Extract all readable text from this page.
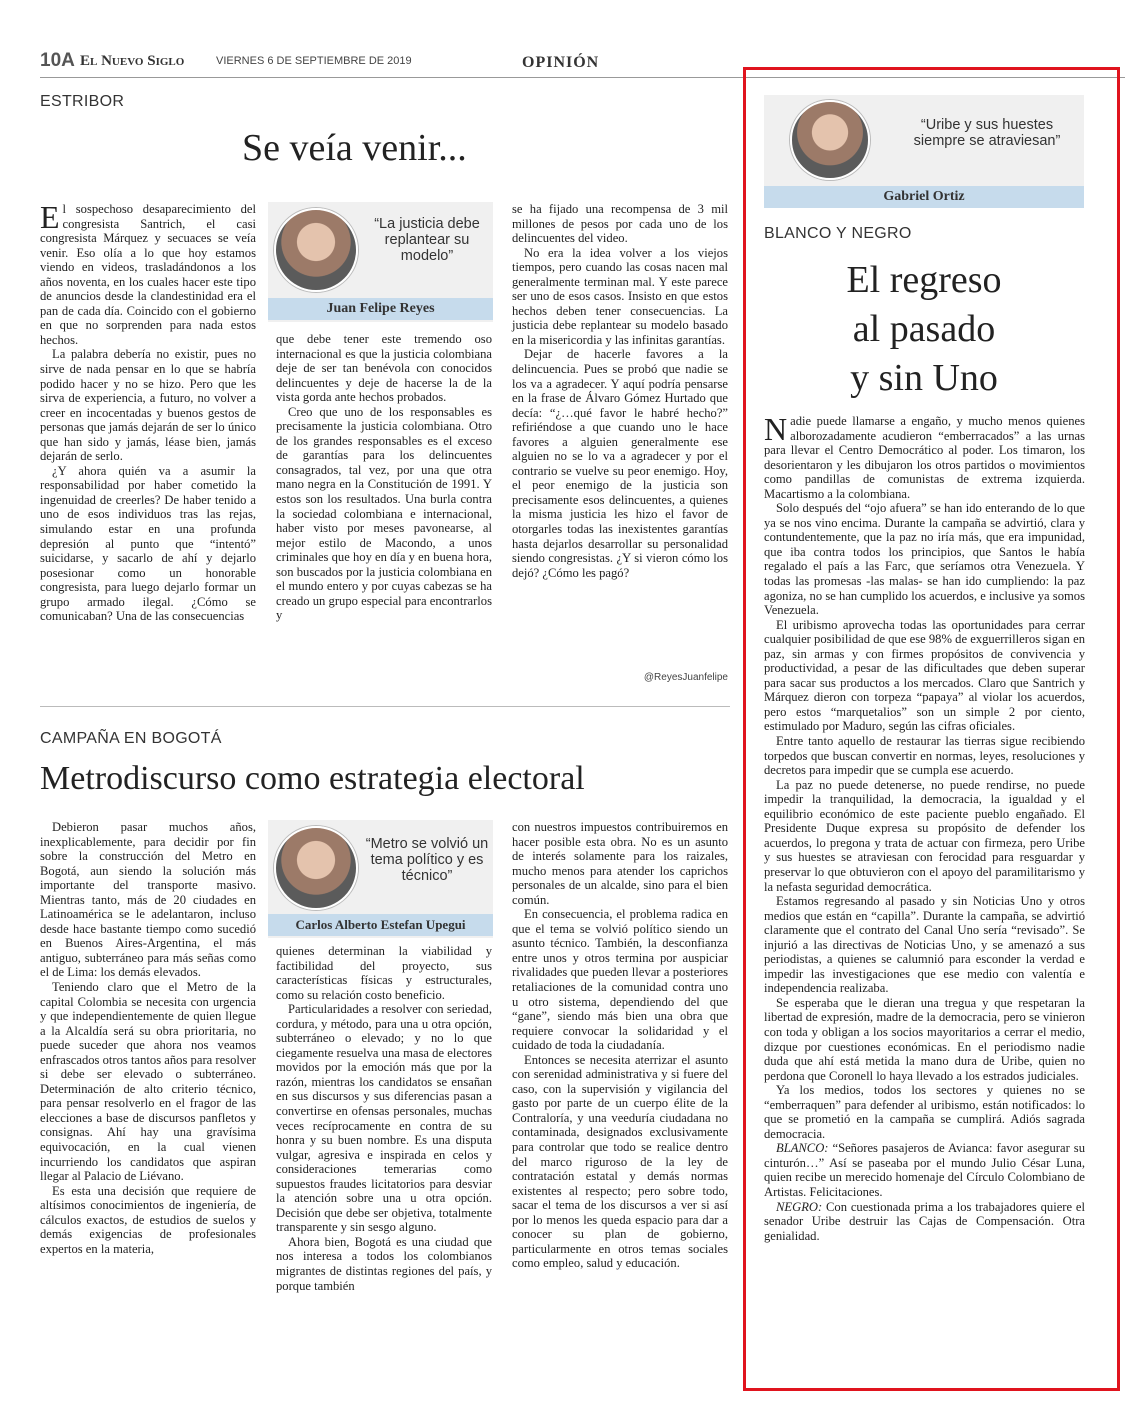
10A El Nuevo Siglo	VIERNES 6 DE SEPTIEMBRE DE 2019	OPINIÓN
ESTRIBOR
Se veía venir...

El sospechoso desaparecimiento del congresista Santrich, el casi congresista Márquez y secuaces se veía venir. Eso olía a lo que hoy estamos viendo en videos, trasladándonos a los años noventa, en los cuales hacer este tipo de anuncios desde la clandestinidad era el pan de cada día. Coincido con el gobierno en que no sorprenden para nada estos hechos.

La palabra debería no existir, pues no sirve de nada pensar en lo que se habría podido hacer y no se hizo. Pero que les sirva de experiencia, a futuro, no volver a creer en incocentadas y buenos gestos de personas que jamás dejarán de ser lo único que han sido y jamás, léase bien, jamás dejarán de serlo.

¿Y ahora quién va a asumir la responsabilidad por haber cometido la ingenuidad de creerles? De haber tenido a uno de esos individuos tras las rejas, simulando estar en una profunda depresión al punto que “intentó” suicidarse, y sacarlo de ahí y dejarlo posesionar como un honorable congresista, para luego dejarlo formar un grupo armado ilegal. ¿Cómo se comunicaban? Una de las consecuencias

“La justicia debe replantear su modelo”
Juan Felipe Reyes

que debe tener este tremendo oso internacional es que la justicia colombiana deje de ser tan benévola con conocidos delincuentes y deje de hacerse la de la vista gorda ante hechos probados.

Creo que uno de los responsables es precisamente la justicia colombiana. Otro de los grandes responsables es el exceso de garantías para los delincuentes consagrados, tal vez, por una que otra mano negra en la Constitución de 1991. Y estos son los resultados. Una burla contra la sociedad colombiana e internacional, haber visto por meses pavonearse, al mejor estilo de Macondo, a unos criminales que hoy en día y en buena hora, son buscados por la justicia colombiana en el mundo entero y por cuyas cabezas se ha creado un grupo especial para encontrarlos y

se ha fijado una recompensa de 3 mil millones de pesos por cada uno de los delincuentes del video.

No era la idea volver a los viejos tiempos, pero cuando las cosas nacen mal generalmente terminan mal. Y este parece ser uno de esos casos. Insisto en que estos hechos deben tener consecuencias. La justicia debe replantear su modelo basado en la misericordia y las infinitas garantías.

Dejar de hacerle favores a la delincuencia. Pues se probó que nadie se los va a agradecer. Y aquí podría pensarse en la frase de Álvaro Gómez Hurtado que decía: “¿…qué favor le habré hecho?” refiriéndose a que cuando uno le hace favores a alguien generalmente ese alguien no se lo va a agradecer y por el contrario se vuelve su peor enemigo. Hoy, el peor enemigo de la justicia son precisamente esos delincuentes, a quienes la misma justicia les hizo el favor de otorgarles todas las inexistentes garantías hasta dejarlos desarrollar su personalidad siendo congresistas. ¿Y si vieron cómo los dejó? ¿Cómo les pagó?

@ReyesJuanfelipe
CAMPAÑA EN BOGOTÁ
Metrodiscurso como estrategia electoral

Debieron pasar muchos años, inexplicablemente, para decidir por fin sobre la construcción del Metro en Bogotá, aun siendo la solución más importante del transporte masivo. Mientras tanto, más de 20 ciudades en Latinoamérica se le adelantaron, incluso desde hace bastante tiempo como sucedió en Buenos Aires-Argentina, el más antiguo, subterráneo para más señas como el de Lima: los demás elevados.

Teniendo claro que el Metro de la capital Colombia se necesita con urgencia y que independientemente de quien llegue a la Alcaldía será su obra prioritaria, no puede suceder que ahora nos veamos enfrascados otros tantos años para resolver si debe ser elevado o subterráneo. Determinación de alto criterio técnico, para pensar resolverlo en el fragor de las elecciones a base de discursos panfletos y consignas. Ahí hay una gravísima equivocación, en la cual vienen incurriendo los candidatos que aspiran llegar al Palacio de Liévano.

Es esta una decisión que requiere de altísimos conocimientos de ingeniería, de cálculos exactos, de estudios de suelos y demás exigencias de profesionales expertos en la materia,

“Metro se volvió un tema político y es técnico”
Carlos Alberto Estefan Upegui

quienes determinan la viabilidad y factibilidad del proyecto, sus características físicas y estructurales, como su relación costo beneficio.

Particularidades a resolver con seriedad, cordura, y método, para una u otra opción, subterráneo o elevado; y no lo que ciegamente resuelva una masa de electores movidos por la emoción más que por la razón, mientras los candidatos se ensañan en sus discursos y sus diferencias pasan a convertirse en ofensas personales, muchas veces recíprocamente en contra de su honra y su buen nombre. Es una disputa vulgar, agresiva e inspirada en celos y consideraciones temerarias como supuestos fraudes licitatorios para desviar la atención sobre una u otra opción. Decisión que debe ser objetiva, totalmente transparente y sin sesgo alguno.

Ahora bien, Bogotá es una ciudad que nos interesa a todos los colombianos migrantes de distintas regiones del país, y porque también

con nuestros impuestos contribuiremos en hacer posible esta obra. No es un asunto de interés solamente para los raizales, mucho menos para atender los caprichos personales de un alcalde, sino para el bien común.

En consecuencia, el problema radica en que el tema se volvió político siendo un asunto técnico. También, la desconfianza entre unos y otros termina por auspiciar rivalidades que pueden llevar a posteriores retaliaciones de la comunidad contra uno u otro sistema, dependiendo del que “gane”, siendo más bien una obra que requiere convocar la solidaridad y el cuidado de toda la ciudadanía.

Entonces se necesita aterrizar el asunto con serenidad administrativa y si fuere del caso, con la supervisión y vigilancia del gasto por parte de un cuerpo élite de la Contraloría, y una veeduría ciudadana no contaminada, designados exclusivamente para controlar que todo se realice dentro del marco riguroso de la ley de contratación estatal y demás normas existentes al respecto; pero sobre todo, sacar el tema de los discursos a ver si así por lo menos les queda espacio para dar a conocer su plan de gobierno, particularmente en otros temas sociales como empleo, salud y educación.

“Uribe y sus huestes siempre se atraviesan”
Gabriel Ortiz
BLANCO Y NEGRO
El regreso
al pasado
y sin Uno

Nadie puede llamarse a engaño, y mucho menos quienes alborozadamente acudieron “emberracados” a las urnas para llevar el Centro Democrático al poder. Los timaron, los desorientaron y les dibujaron los otros partidos o movimientos como pandillas de comunistas de extrema izquierda. Macartismo a la colombiana.

Solo después del “ojo afuera” se han ido enterando de lo que ya se nos vino encima. Durante la campaña se advirtió, clara y contundentemente, que la paz no iría más, que era impunidad, que iba contra todos los principios, que Santos le había regalado el país a las Farc, que seríamos otra Venezuela. Y todas las promesas -las malas- se han ido cumpliendo: la paz agoniza, no se han cumplido los acuerdos, e inclusive ya somos Venezuela.

El uribismo aprovecha todas las oportunidades para cerrar cualquier posibilidad de que ese 98% de exguerrilleros sigan en paz, sin armas y con firmes propósitos de convivencia y productividad, a pesar de las dificultades que deben superar para sacar sus productos a los mercados. Claro que Santrich y Márquez dieron con torpeza “papaya” al violar los acuerdos, pero estos “marquetalios” son un simple 2 por ciento, estimulado por Maduro, según las cifras oficiales.

Entre tanto aquello de restaurar las tierras sigue recibiendo torpedos que buscan convertir en normas, leyes, resoluciones y decretos para impedir que se cumpla ese acuerdo.

La paz no puede detenerse, no puede rendirse, no puede impedir la tranquilidad, la democracia, la igualdad y el equilibrio económico de este paciente pueblo engañado. El Presidente Duque expresa su propósito de defender los acuerdos, lo pregona y trata de actuar con firmeza, pero Uribe y sus huestes se atraviesan con ferocidad para resguardar y preservar lo que obtuvieron con el apoyo del paramilitarismo y la nefasta seguridad democrática.

Estamos regresando al pasado y sin Noticias Uno y otros medios que están en “capilla”. Durante la campaña, se advirtió claramente que el contrato del Canal Uno sería “revisado”. Se injurió a las directivas de Noticias Uno, y se amenazó a sus periodistas, a quienes se calumnió para esconder la verdad e impedir las investigaciones que ese medio con valentía e independencia realizaba.

Se esperaba que le dieran una tregua y que respetaran la libertad de expresión, madre de la democracia, pero se vinieron con toda y obligan a los socios mayoritarios a cerrar el medio, dizque por cuestiones económicas. En el periodismo nadie duda que ahí está metida la mano dura de Uribe, quien no perdona que Coronell lo haya llevado a los estrados judiciales.

Ya los medios, todos los sectores y quienes no se “emberraquen” para defender al uribismo, están notificados: lo que se prometió en la campaña se cumplirá. Adiós sagrada democracia.

BLANCO: “Señores pasajeros de Avianca: favor asegurar su cinturón…” Así se paseaba por el mundo Julio César Luna, quien recibe un merecido homenaje del Círculo Colombiano de Artistas. Felicitaciones.

NEGRO: Con cuestionada prima a los trabajadores quiere el senador Uribe destruir las Cajas de Compensación. Otra genialidad.
